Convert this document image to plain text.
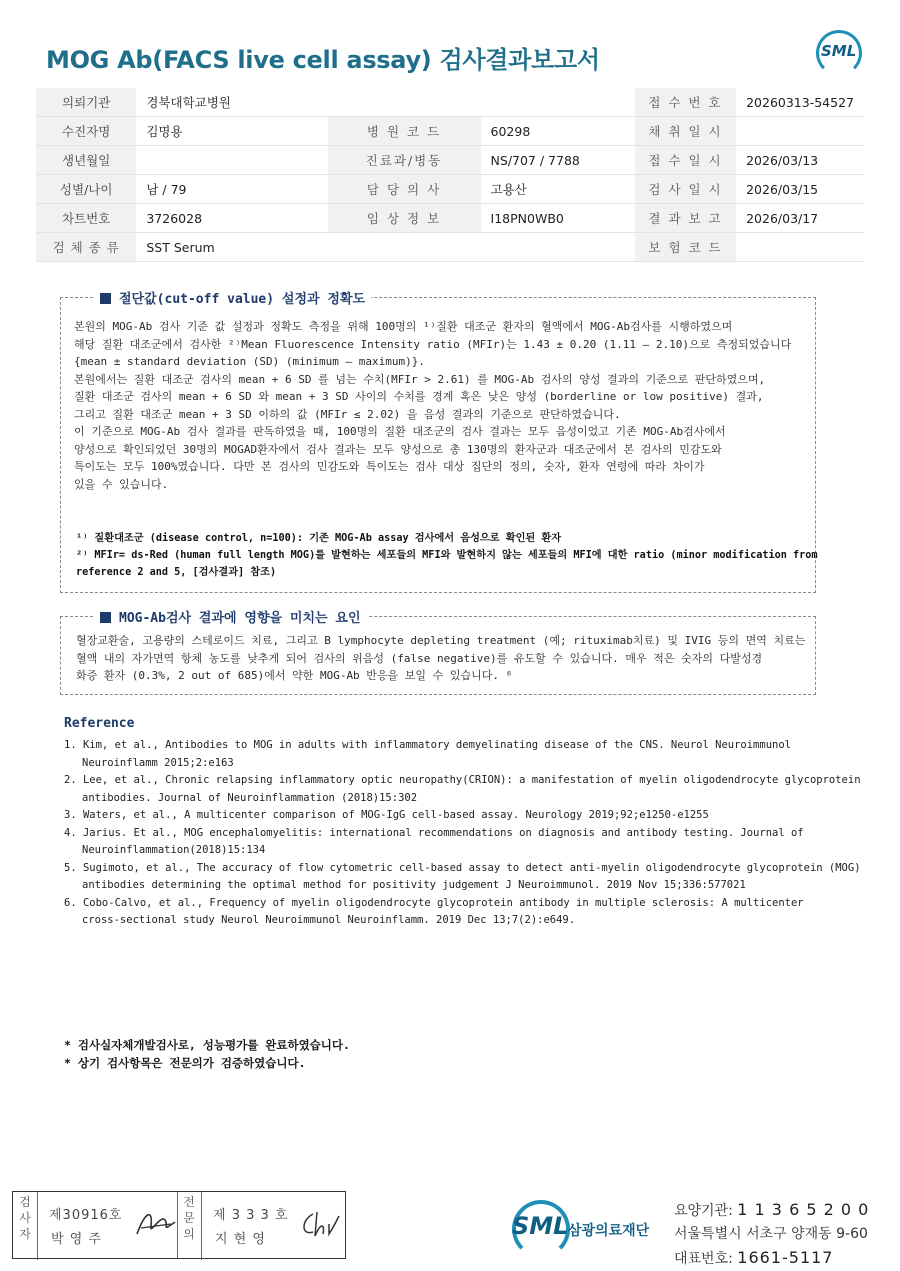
MOG Ab(FACS live cell assay) 검사결과보고서	SML
의뢰기관	경북대학교병원			접 수 번 호	20260313-54527
수진자명	김명용	병 원 코 드	60298	채 취 일 시	
생년월일		진료과/병동	NS/707 / 7788	접 수 일 시	2026/03/13
성별/나이	남 / 79	담 당 의 사	고용산	검 사 일 시	2026/03/15
차트번호	3726028	임 상 정 보	I18PN0WB0	결 과 보 고	2026/03/17
검 체 종 류	SST Serum			보 험 코 드	
절단값(cut-off value) 설정과 정확도

본원의 MOG-Ab 검사 기준 값 설정과 정확도 측정을 위해 100명의 ¹⁾질환 대조군 환자의 혈액에서 MOG-Ab검사를 시행하였으며

해당 질환 대조군에서 검사한 ²⁾Mean Fluorescence Intensity ratio (MFIr)는 1.43 ± 0.20 (1.11 – 2.10)으로 측정되었습니다

{mean ± standard deviation (SD) (minimum – maximum)}.

본원에서는 질환 대조군 검사의 mean + 6 SD 를 넘는 수치(MFIr > 2.61) 를 MOG-Ab 검사의 양성 결과의 기준으로 판단하였으며,

질환 대조군 검사의 mean + 6 SD 와 mean + 3 SD 사이의 수치를 경계 혹은 낮은 양성 (borderline or low positive) 결과,

그리고 질환 대조군 mean + 3 SD 이하의 값 (MFIr ≤ 2.02) 을 음성 결과의 기준으로 판단하였습니다.

이 기준으로 MOG-Ab 검사 결과를 판독하였을 때, 100명의 질환 대조군의 검사 결과는 모두 음성이었고 기존 MOG-Ab검사에서

양성으로 확인되었던 30명의 MOGAD환자에서 검사 결과는 모두 양성으로 총 130명의 환자군과 대조군에서 본 검사의 민감도와

특이도는 모두 100%였습니다. 다만 본 검사의 민감도와 특이도는 검사 대상 집단의 정의, 숫자, 환자 연령에 따라 차이가

있을 수 있습니다.

¹⁾ 질환대조군 (disease control, n=100): 기존 MOG-Ab assay 검사에서 음성으로 확인된 환자

²⁾ MFIr= ds-Red (human full length MOG)를 발현하는 세포들의 MFI와 발현하지 않는 세포들의 MFI에 대한 ratio (minor modification from

reference 2 and 5, [검사결과] 참조)

MOG-Ab검사 결과에 영향을 미치는 요인

혈장교환술, 고용량의 스테로이드 치료, 그리고 B lymphocyte depleting treatment (예; rituximab치료) 및 IVIG 등의 면역 치료는

혈액 내의 자가면역 항체 농도를 낮추게 되어 검사의 위음성 (false negative)를 유도할 수 있습니다. 매우 적은 숫자의 다발성경

화증 환자 (0.3%, 2 out of 685)에서 약한 MOG-Ab 반응을 보일 수 있습니다. ⁶

Reference
1. Kim, et al., Antibodies to MOG in adults with inflammatory demyelinating disease of the CNS. Neurol Neuroimmunol
Neuroinflamm 2015;2:e163
2. Lee, et al., Chronic relapsing inflammatory optic neuropathy(CRION): a manifestation of myelin oligodendrocyte glycoprotein
antibodies. Journal of Neuroinflammation (2018)15:302
3. Waters, et al., A multicenter comparison of MOG-IgG cell-based assay. Neurology 2019;92;e1250-e1255
4. Jarius. Et al., MOG encephalomyelitis: international recommendations on diagnosis and antibody testing. Journal of
Neuroinflammation(2018)15:134
5. Sugimoto, et al., The accuracy of flow cytometric cell-based assay to detect anti-myelin oligodendrocyte glycoprotein (MOG)
antibodies determining the optimal method for positivity judgement J Neuroimmunol. 2019 Nov 15;336:577021
6. Cobo-Calvo, et al., Frequency of myelin oligodendrocyte glycoprotein antibody in multiple sclerosis: A multicenter
cross-sectional study Neurol Neuroimmunol Neuroinflamm. 2019 Dec 13;7(2):e649.

* 검사실자체개발검사로, 성능평가를 완료하였습니다.

* 상기 검사항목은 전문의가 검증하였습니다.

검
사
자
제30916호
박 영 주
전
문
의
제 3 3 3 호
지 현 영	SML 삼광의료재단
요양기관: 1 1 3 6 5 2 0 0
서울특별시 서초구 양재동 9-60
대표번호: 1661-5117
